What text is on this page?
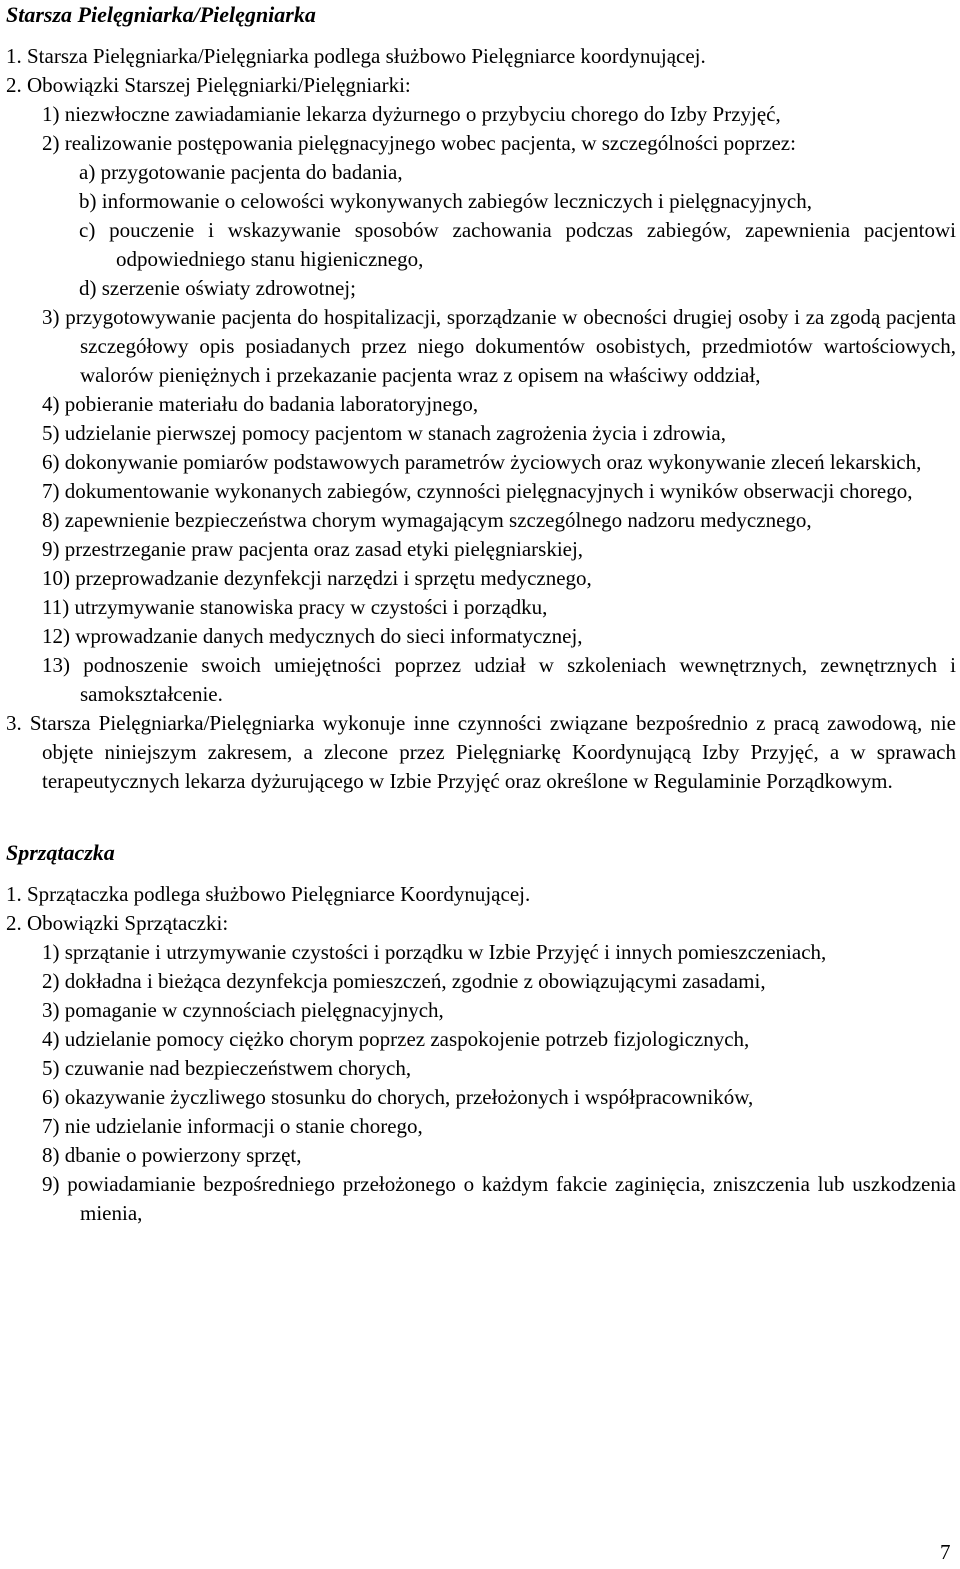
Starsza Pielęgniarka/Pielęgniarka

1. Starsza Pielęgniarka/Pielęgniarka podlega służbowo Pielęgniarce koordynującej.

2. Obowiązki Starszej Pielęgniarki/Pielęgniarki:

1) niezwłoczne zawiadamianie lekarza dyżurnego o przybyciu chorego do Izby Przyjęć,

2) realizowanie postępowania pielęgnacyjnego wobec pacjenta, w szczególności poprzez:

a) przygotowanie pacjenta do badania,

b) informowanie o celowości wykonywanych zabiegów leczniczych i pielęgnacyjnych,

c) pouczenie i wskazywanie sposobów zachowania podczas zabiegów, zapewnienia pacjentowi odpowiedniego stanu higienicznego,

d) szerzenie oświaty zdrowotnej;

3) przygotowywanie pacjenta do hospitalizacji, sporządzanie w obecności drugiej osoby i za zgodą pacjenta szczegółowy opis posiadanych przez niego dokumentów osobistych, przedmiotów wartościowych, walorów pieniężnych i przekazanie pacjenta wraz z opisem na właściwy oddział,

4) pobieranie materiału do badania laboratoryjnego,

5) udzielanie pierwszej pomocy pacjentom w stanach zagrożenia życia i zdrowia,

6) dokonywanie pomiarów podstawowych parametrów życiowych oraz wykonywanie zleceń lekarskich,

7) dokumentowanie wykonanych zabiegów, czynności pielęgnacyjnych i wyników obserwacji chorego,

8) zapewnienie bezpieczeństwa chorym wymagającym szczególnego nadzoru medycznego,

9) przestrzeganie praw pacjenta oraz zasad etyki pielęgniarskiej,

10) przeprowadzanie dezynfekcji narzędzi i sprzętu medycznego,

11) utrzymywanie stanowiska pracy w czystości i porządku,

12) wprowadzanie danych medycznych do sieci informatycznej,

13) podnoszenie swoich umiejętności poprzez udział w szkoleniach wewnętrznych, zewnętrznych i samokształcenie.

3. Starsza Pielęgniarka/Pielęgniarka wykonuje inne czynności związane bezpośrednio z pracą zawodową, nie objęte niniejszym zakresem, a zlecone przez Pielęgniarkę Koordynującą Izby Przyjęć, a w sprawach terapeutycznych lekarza dyżurującego w Izbie Przyjęć oraz określone w Regulaminie Porządkowym.

Sprzątaczka

1. Sprzątaczka podlega służbowo Pielęgniarce Koordynującej.

2. Obowiązki Sprzątaczki:

1) sprzątanie i utrzymywanie czystości i porządku w Izbie Przyjęć i innych pomieszczeniach,

2) dokładna i bieżąca dezynfekcja pomieszczeń, zgodnie z obowiązującymi zasadami,

3) pomaganie w czynnościach pielęgnacyjnych,

4) udzielanie pomocy ciężko chorym poprzez zaspokojenie potrzeb fizjologicznych,

5) czuwanie nad bezpieczeństwem chorych,

6) okazywanie życzliwego stosunku do chorych, przełożonych i współpracowników,

7) nie udzielanie informacji o stanie chorego,

8) dbanie o powierzony sprzęt,

9) powiadamianie bezpośredniego przełożonego o każdym fakcie zaginięcia, zniszczenia lub uszkodzenia mienia,

7
